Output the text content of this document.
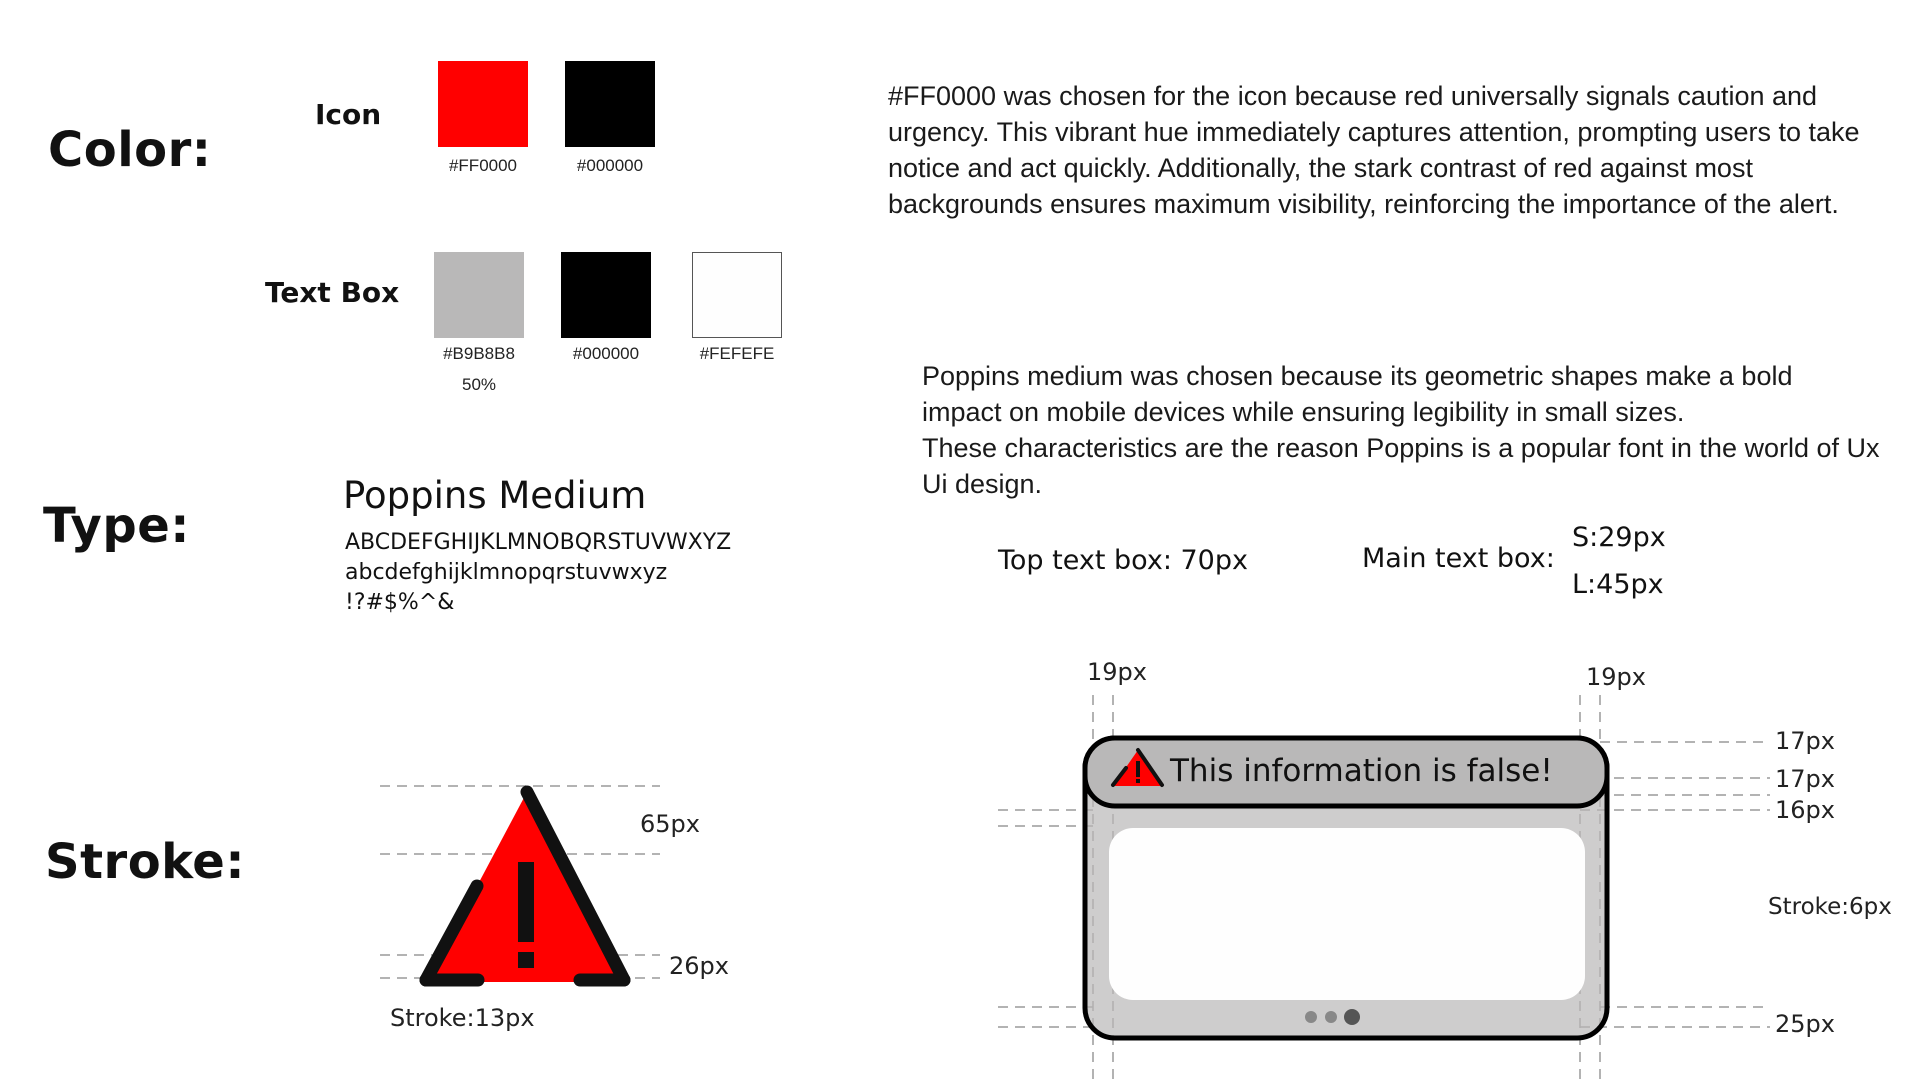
Color:
Icon
#FF0000	#000000
Text Box
#B9B8B8
50%
#000000	#FEFEFE
#FF0000 was chosen for the icon because red universally signals caution and urgency. This vibrant hue immediately captures attention, prompting users to take notice and act quickly. Additionally, the stark contrast of red against most backgrounds ensures maximum visibility, reinforcing the importance of the alert.
Type:
Poppins Medium
ABCDEFGHIJKLMNOBQRSTUVWXYZ
abcdefghijklmnopqrstuvwxyz
!?#$%^&
Poppins medium was chosen because its geometric shapes make a bold impact on mobile devices while ensuring legibility in small sizes.
These characteristics are the reason Poppins is a popular font in the world of Ux Ui design.
Top text box: 70px	Main text box:
S:29px
L:45px
Stroke:
65px
26px
Stroke:13px
This information is false!
19px	19px
17px
17px
16px
Stroke:6px
25px
